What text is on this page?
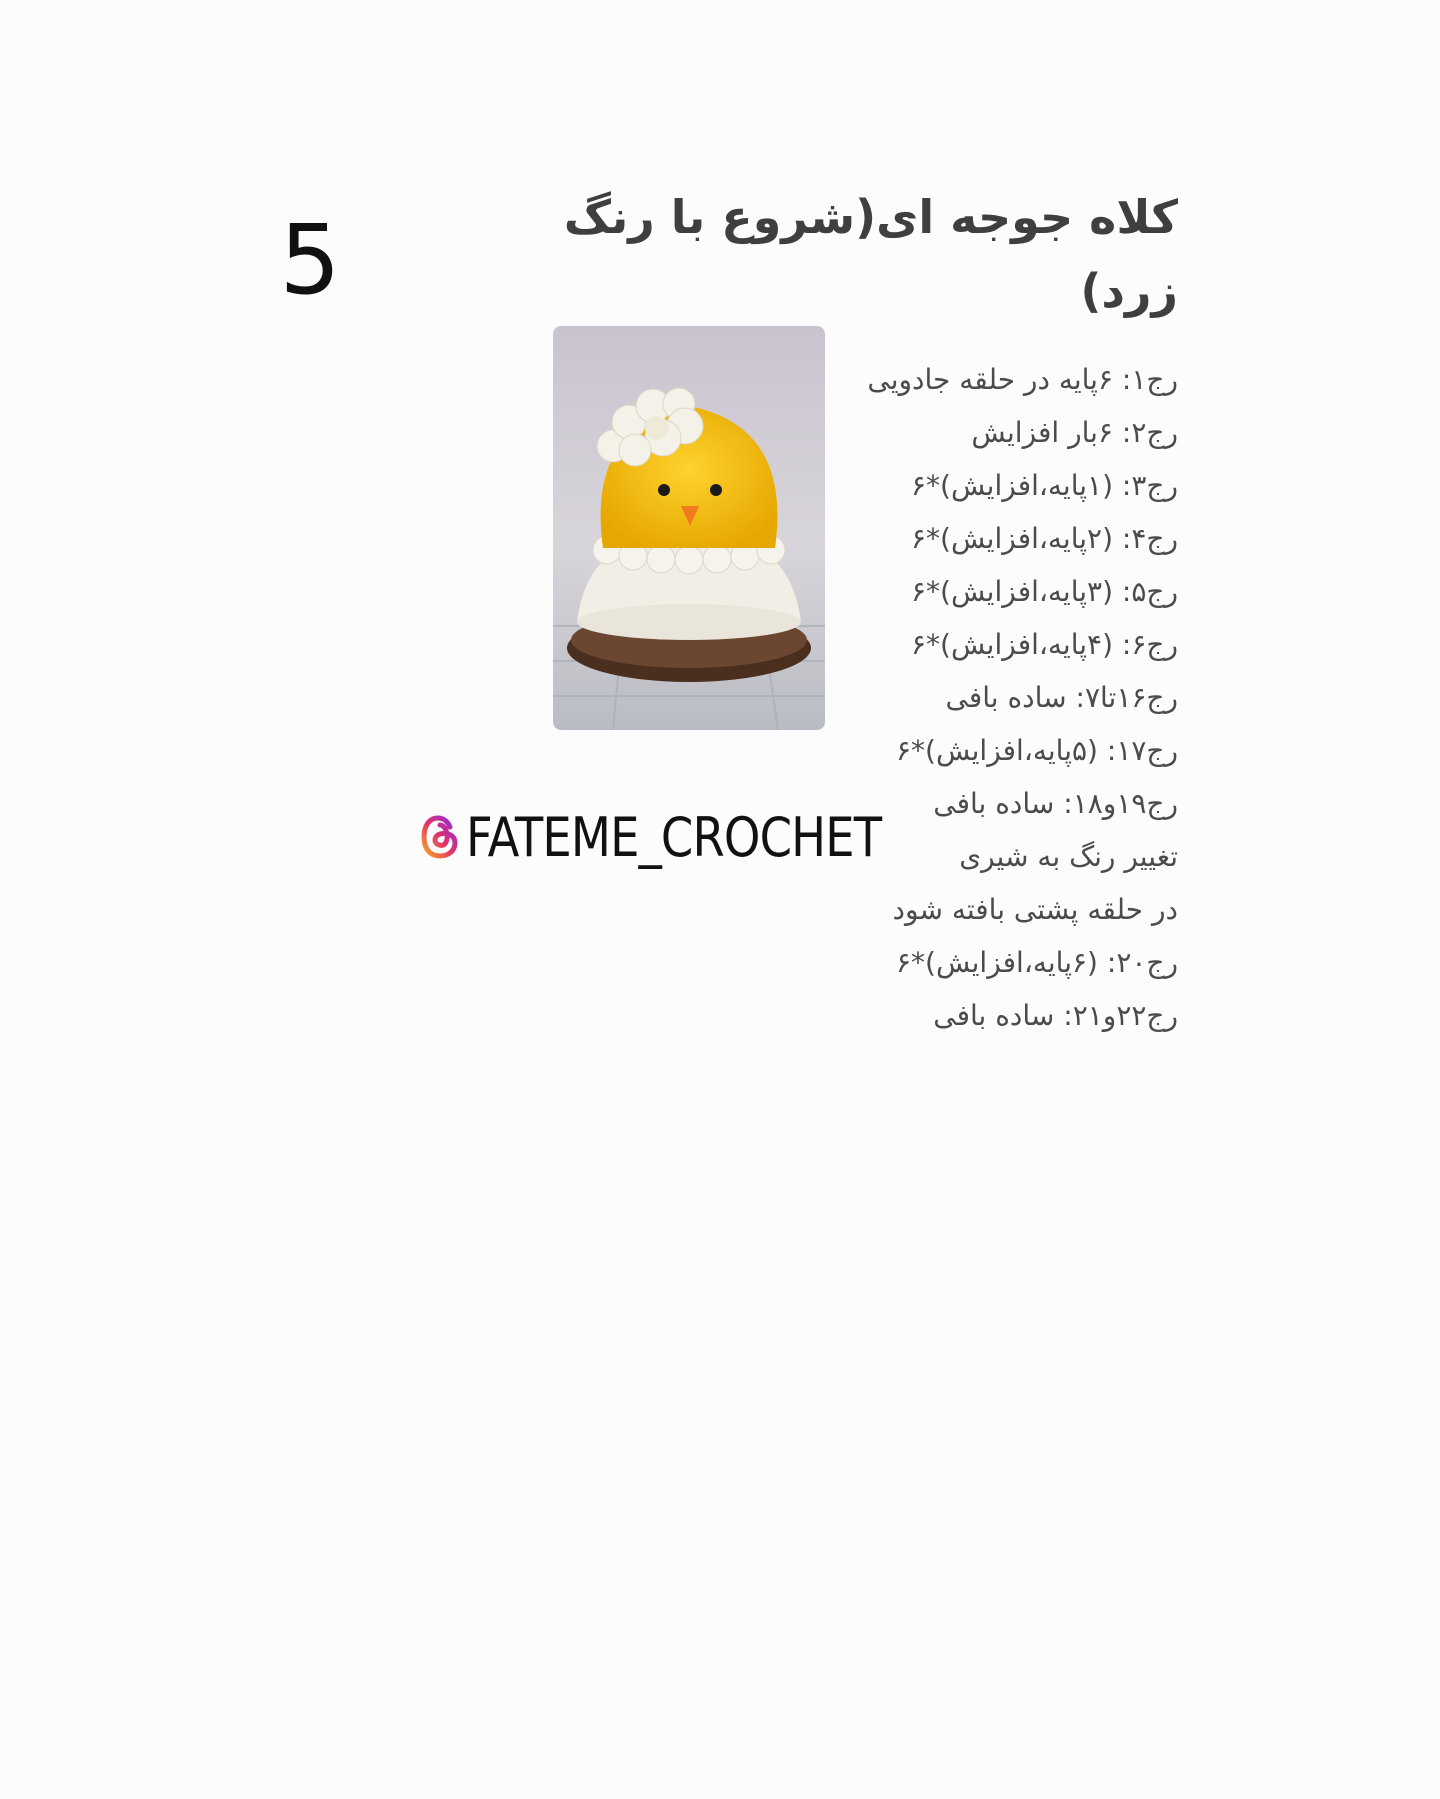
5	کلاه جوجه ای(شروع با رنگ زرد)
رج۱: ۶پایه در حلقه جادویی
رج۲: ۶بار افزایش
رج۳: (۱پایه،افزایش)*۶
رج۴: (۲پایه،افزایش)*۶
رج۵: (۳پایه،افزایش)*۶
رج۶: (۴پایه،افزایش)*۶
رج۱۶تا۷: ساده بافی
رج۱۷: (۵پایه،افزایش)*۶
رج۱۹و۱۸: ساده بافی
تغییر رنگ به شیری
در حلقه پشتی بافته شود
رج۲۰: (۶پایه،افزایش)*۶
رج۲۲و۲۱: ساده بافی
FATEME_CROCHET
